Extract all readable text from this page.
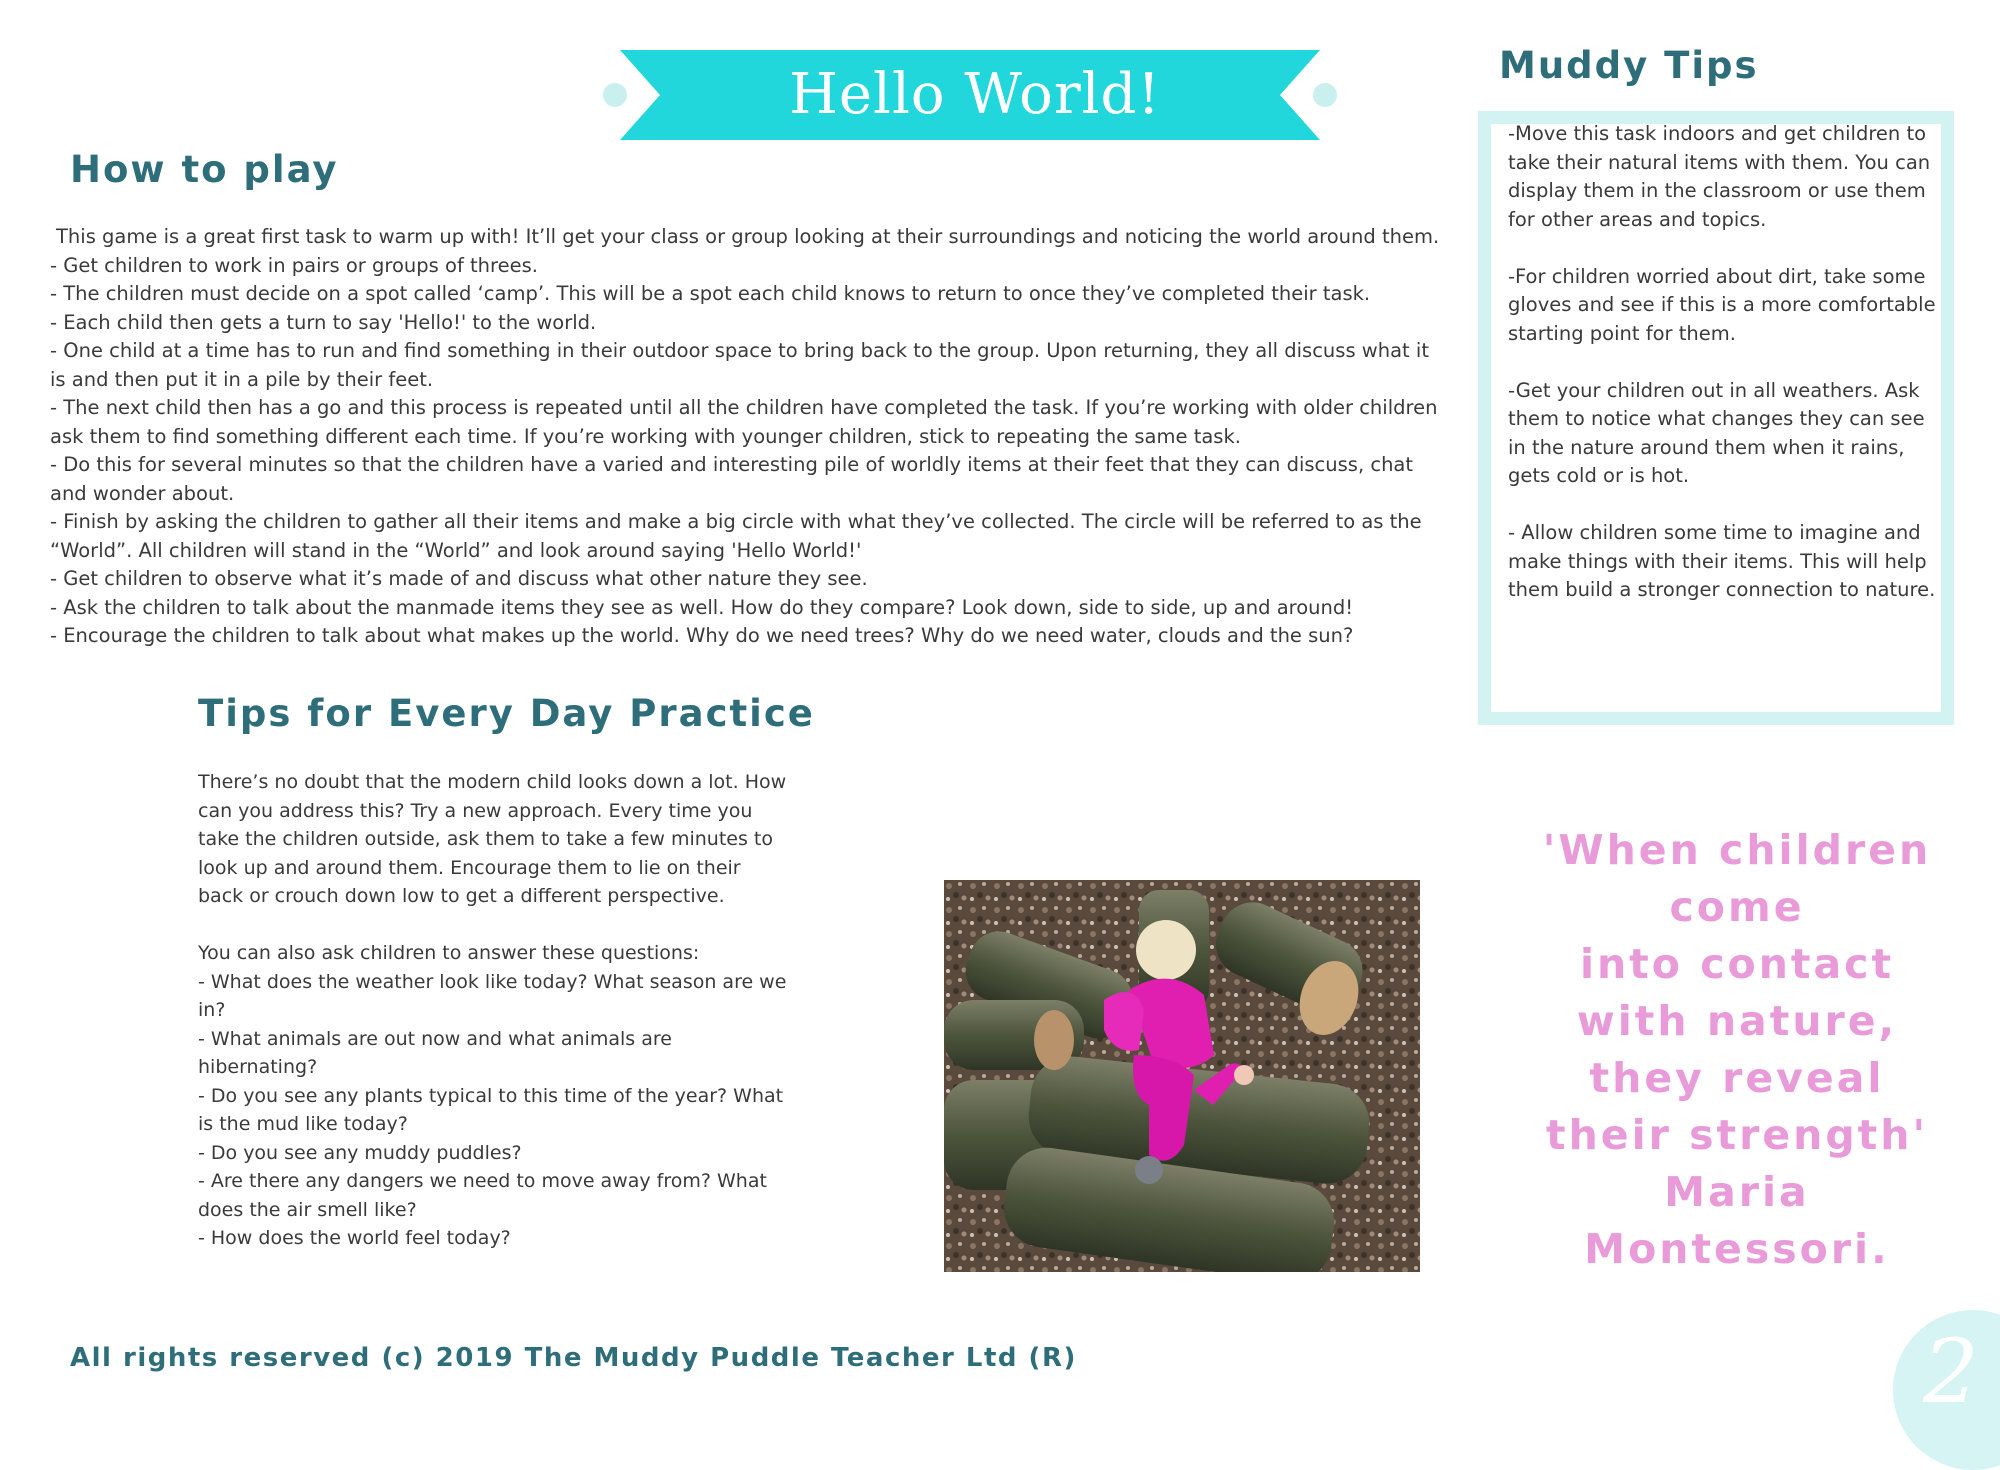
Hello World!
How to play

This game is a great first task to warm up with! It’ll get your class or group looking at their surroundings and noticing the world around them.

- Get children to work in pairs or groups of threes.

- The children must decide on a spot called ‘camp’. This will be a spot each child knows to return to once they’ve completed their task.

- Each child then gets a turn to say 'Hello!' to the world.

- One child at a time has to run and find something in their outdoor space to bring back to the group. Upon returning, they all discuss what it is and then put it in a pile by their feet.

- The next child then has a go and this process is repeated until all the children have completed the task. If you’re working with older children ask them to find something different each time. If you’re working with younger children, stick to repeating the same task.

- Do this for several minutes so that the children have a varied and interesting pile of worldly items at their feet that they can discuss, chat and wonder about.

- Finish by asking the children to gather all their items and make a big circle with what they’ve collected. The circle will be referred to as the “World”. All children will stand in the “World” and look around saying 'Hello World!'

- Get children to observe what it’s made of and discuss what other nature they see.

- Ask the children to talk about the manmade items they see as well. How do they compare? Look down, side to side, up and around!

- Encourage the children to talk about what makes up the world. Why do we need trees? Why do we need water, clouds and the sun?

Tips for Every Day Practice

There’s no doubt that the modern child looks down a lot. How can you address this? Try a new approach. Every time you take the children outside, ask them to take a few minutes to look up and around them. Encourage them to lie on their back or crouch down low to get a different perspective.

You can also ask children to answer these questions:

- What does the weather look like today? What season are we in?

- What animals are out now and what animals are hibernating?

- Do you see any plants typical to this time of the year? What is the mud like today?

- Do you see any muddy puddles?

- Are there any dangers we need to move away from? What does the air smell like?

- How does the world feel today?

Muddy Tips

-Move this task indoors and get children to take their natural items with them. You can display them in the classroom or use them for other areas and topics.

-For children worried about dirt, take some gloves and see if this is a more comfortable starting point for them.

-Get your children out in all weathers. Ask them to notice what changes they can see in the nature around them when it rains, gets cold or is hot.

- Allow children some time to imagine and make things with their items. This will help them build a stronger connection to nature.

'When children
come
into contact
with nature,
they reveal
their strength'
Maria
Montessori.
All rights reserved (c) 2019 The Muddy Puddle Teacher Ltd (R)	2
